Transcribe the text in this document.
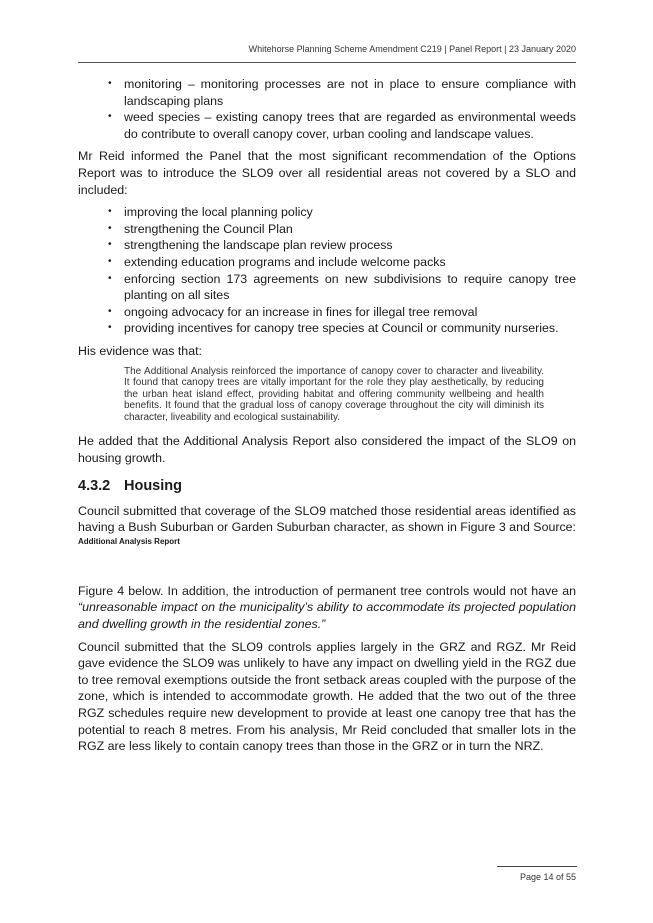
Whitehorse Planning Scheme Amendment C219 | Panel Report | 23 January 2020
• monitoring – monitoring processes are not in place to ensure compliance with landscaping plans
• weed species – existing canopy trees that are regarded as environmental weeds do contribute to overall canopy cover, urban cooling and landscape values.

Mr Reid informed the Panel that the most significant recommendation of the Options Report was to introduce the SLO9 over all residential areas not covered by a SLO and included:

• improving the local planning policy
• strengthening the Council Plan
• strengthening the landscape plan review process
• extending education programs and include welcome packs
• enforcing section 173 agreements on new subdivisions to require canopy tree planting on all sites
• ongoing advocacy for an increase in fines for illegal tree removal
• providing incentives for canopy tree species at Council or community nurseries.

His evidence was that:

The Additional Analysis reinforced the importance of canopy cover to character and liveability. It found that canopy trees are vitally important for the role they play aesthetically, by reducing the urban heat island effect, providing habitat and offering community wellbeing and health benefits. It found that the gradual loss of canopy coverage throughout the city will diminish its character, liveability and ecological sustainability.

He added that the Additional Analysis Report also considered the impact of the SLO9 on housing growth.

4.3.2 Housing

Council submitted that coverage of the SLO9 matched those residential areas identified as having a Bush Suburban or Garden Suburban character, as shown in Figure 3 and Source:
Additional Analysis Report

Figure 4 below. In addition, the introduction of permanent tree controls would not have an “unreasonable impact on the municipality’s ability to accommodate its projected population and dwelling growth in the residential zones.”

Council submitted that the SLO9 controls applies largely in the GRZ and RGZ. Mr Reid gave evidence the SLO9 was unlikely to have any impact on dwelling yield in the RGZ due to tree removal exemptions outside the front setback areas coupled with the purpose of the zone, which is intended to accommodate growth. He added that the two out of the three RGZ schedules require new development to provide at least one canopy tree that has the potential to reach 8 metres. From his analysis, Mr Reid concluded that smaller lots in the RGZ are less likely to contain canopy trees than those in the GRZ or in turn the NRZ.

Page 14 of 55
